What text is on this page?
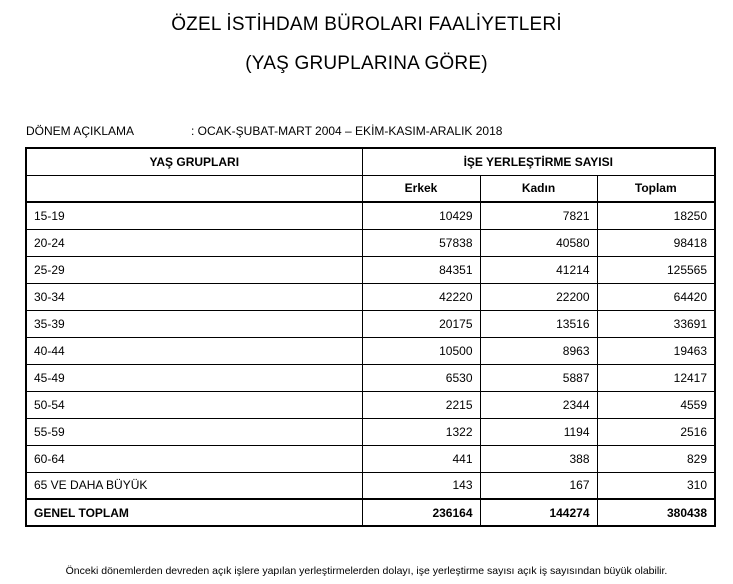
ÖZEL İSTİHDAM BÜROLARI FAALİYETLERİ
(YAŞ GRUPLARINA GÖRE)
DÖNEM AÇIKLAMA	: OCAK-ŞUBAT-MART 2004 – EKİM-KASIM-ARALIK 2018
YAŞ GRUPLARI	İŞE YERLEŞTİRME SAYISI		
	Erkek	Kadın	Toplam
15-19	10429	7821	18250
20-24	57838	40580	98418
25-29	84351	41214	125565
30-34	42220	22200	64420
35-39	20175	13516	33691
40-44	10500	8963	19463
45-49	6530	5887	12417
50-54	2215	2344	4559
55-59	1322	1194	2516
60-64	441	388	829
65 VE DAHA BÜYÜK	143	167	310
GENEL TOPLAM	236164	144274	380438
Önceki dönemlerden devreden açık işlere yapılan yerleştirmelerden dolayı, işe yerleştirme sayısı açık iş sayısından büyük olabilir.
